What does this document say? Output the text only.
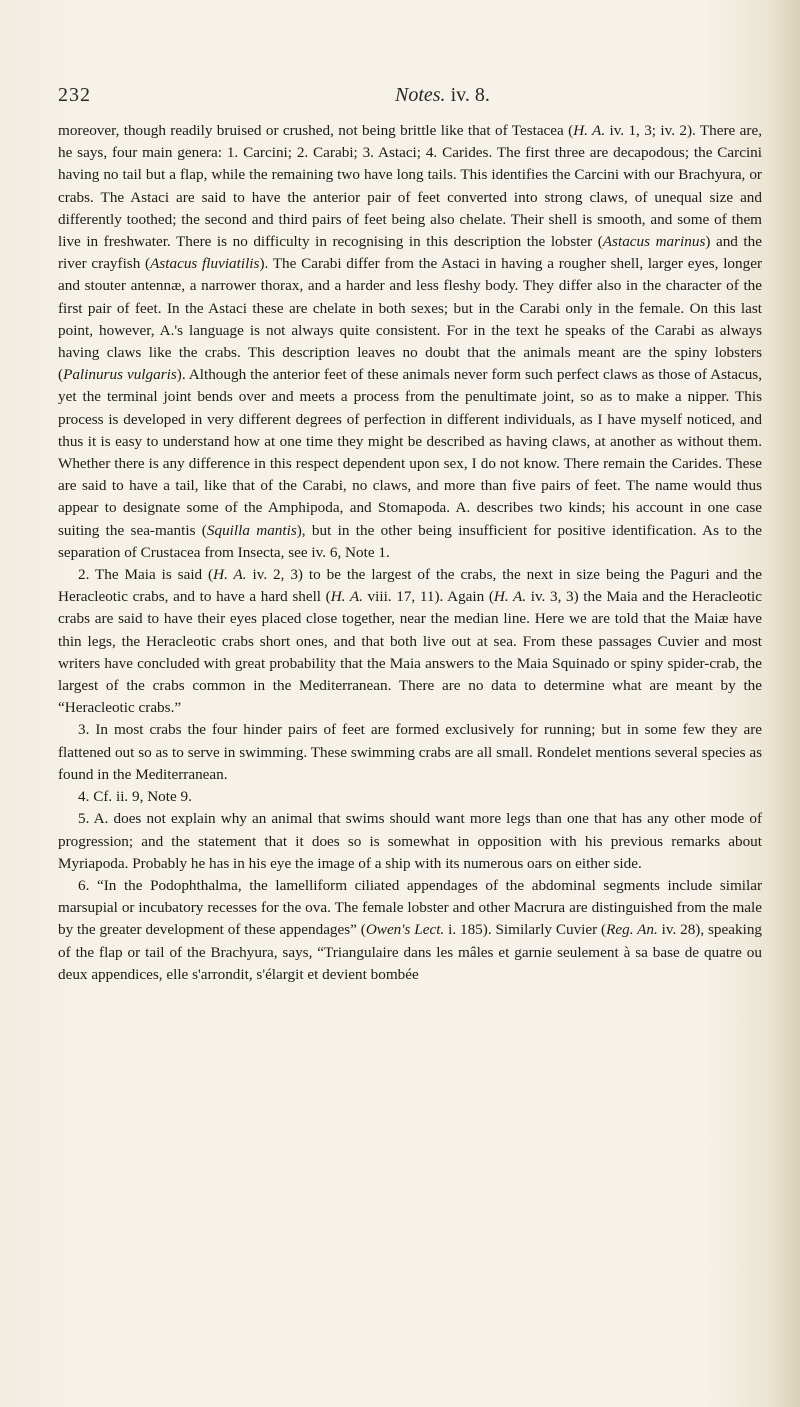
232	Notes. iv. 8.

moreover, though readily bruised or crushed, not being brittle like that of Testacea (H. A. iv. 1, 3; iv. 2). There are, he says, four main genera: 1. Carcini; 2. Carabi; 3. Astaci; 4. Carides. The first three are decapodous; the Carcini having no tail but a flap, while the remaining two have long tails. This identifies the Carcini with our Brachyura, or crabs. The Astaci are said to have the anterior pair of feet converted into strong claws, of unequal size and differently toothed; the second and third pairs of feet being also chelate. Their shell is smooth, and some of them live in freshwater. There is no difficulty in recognising in this description the lobster (Astacus marinus) and the river crayfish (Astacus fluviatilis). The Carabi differ from the Astaci in having a rougher shell, larger eyes, longer and stouter antennæ, a narrower thorax, and a harder and less fleshy body. They differ also in the character of the first pair of feet. In the Astaci these are chelate in both sexes; but in the Carabi only in the female. On this last point, however, A.'s language is not always quite consistent. For in the text he speaks of the Carabi as always having claws like the crabs. This description leaves no doubt that the animals meant are the spiny lobsters (Palinurus vulgaris). Although the anterior feet of these animals never form such perfect claws as those of Astacus, yet the terminal joint bends over and meets a process from the penultimate joint, so as to make a nipper. This process is developed in very different degrees of perfection in different individuals, as I have myself noticed, and thus it is easy to understand how at one time they might be described as having claws, at another as without them. Whether there is any difference in this respect dependent upon sex, I do not know. There remain the Carides. These are said to have a tail, like that of the Carabi, no claws, and more than five pairs of feet. The name would thus appear to designate some of the Amphipoda, and Stomapoda. A. describes two kinds; his account in one case suiting the sea-mantis (Squilla mantis), but in the other being insufficient for positive identification. As to the separation of Crustacea from Insecta, see iv. 6, Note 1.

2. The Maia is said (H. A. iv. 2, 3) to be the largest of the crabs, the next in size being the Paguri and the Heracleotic crabs, and to have a hard shell (H. A. viii. 17, 11). Again (H. A. iv. 3, 3) the Maia and the Heracleotic crabs are said to have their eyes placed close together, near the median line. Here we are told that the Maiæ have thin legs, the Heracleotic crabs short ones, and that both live out at sea. From these passages Cuvier and most writers have concluded with great probability that the Maia answers to the Maia Squinado or spiny spider-crab, the largest of the crabs common in the Mediterranean. There are no data to determine what are meant by the “Heracleotic crabs.”

3. In most crabs the four hinder pairs of feet are formed exclusively for running; but in some few they are flattened out so as to serve in swimming. These swimming crabs are all small. Rondelet mentions several species as found in the Mediterranean.

4. Cf. ii. 9, Note 9.

5. A. does not explain why an animal that swims should want more legs than one that has any other mode of progression; and the statement that it does so is somewhat in opposition with his previous remarks about Myriapoda. Probably he has in his eye the image of a ship with its numerous oars on either side.

6. “In the Podophthalma, the lamelliform ciliated appendages of the abdominal segments include similar marsupial or incubatory recesses for the ova. The female lobster and other Macrura are distinguished from the male by the greater development of these appendages” (Owen's Lect. i. 185). Similarly Cuvier (Reg. An. iv. 28), speaking of the flap or tail of the Brachyura, says, “Triangulaire dans les mâles et garnie seulement à sa base de quatre ou deux appendices, elle s'arrondit, s'élargit et devient bombée
